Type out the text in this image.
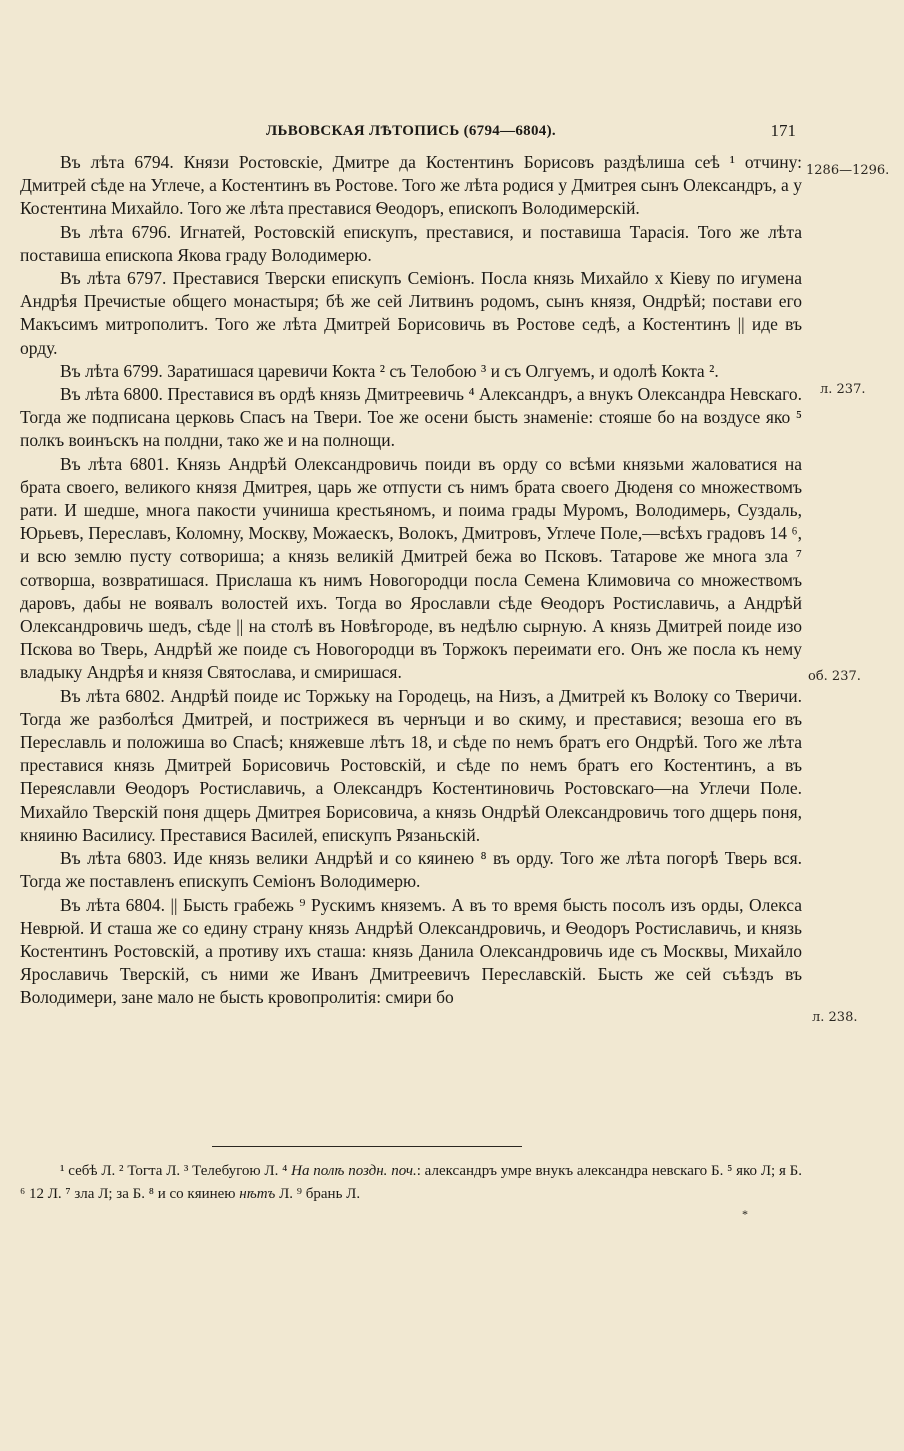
ЛЬВОВСКАЯ ЛѢТОПИСЬ (6794—6804).	171

Въ лѣта 6794. Князи Ростовскіе, Дмитре да Костентинъ Борисовъ раздѣлиша сеѣ ¹ отчину: Дмитрей сѣде на Углече, а Костентинъ въ Ростове. Того же лѣта родися у Дмитрея сынъ Олександръ, а у Костентина Михайло. Того же лѣта преставися Ѳеодоръ, епископъ Володимерскій.

Въ лѣта 6796. Игнатей, Ростовскій епискупъ, преставися, и поставиша Тарасія. Того же лѣта поставиша епископа Якова граду Володимерю.

Въ лѣта 6797. Преставися Тверски епискупъ Семіонъ. Посла князь Михайло х Кіеву по игумена Андрѣя Пречистые общего монастыря; бѣ же сей Литвинъ родомъ, сынъ князя, Ондрѣй; постави его Макъсимъ митрополитъ. Того же лѣта Дмитрей Борисовичь въ Ростове седѣ, а Костентинъ || иде въ орду.

Въ лѣта 6799. Заратишася царевичи Кокта ² съ Телобою ³ и съ Олгуемъ, и одолѣ Кокта ².

Въ лѣта 6800. Преставися въ ордѣ князь Дмитреевичь ⁴ Александръ, а внукъ Олександра Невскаго. Тогда же подписана церковь Спасъ на Твери. Тое же осени бысть знаменіе: стояше бо на воздусе яко ⁵ полкъ воинъскъ на полдни, тако же и на полнощи.

Въ лѣта 6801. Князь Андрѣй Олександровичь поиди въ орду со всѣми князьми жаловатися на брата своего, великого князя Дмитрея, царь же отпусти съ нимъ брата своего Дюденя со множествомъ рати. И шедше, многа пакости учиниша крестьяномъ, и поима грады Муромъ, Володимерь, Суздаль, Юрьевъ, Переславъ, Коломну, Москву, Можаескъ, Волокъ, Дмитровъ, Углече Поле,—всѣхъ градовъ 14 ⁶, и всю землю пусту сотвориша; а князь великій Дмитрей бежа во Псковъ. Татарове же многа зла ⁷ сотворша, возвратишася. Прислаша къ нимъ Новогородци посла Семена Климовича со множествомъ даровъ, дабы не воявалъ волостей ихъ. Тогда во Ярославли сѣде Ѳеодоръ Ростиславичь, а Андрѣй Олександровичь шедъ, сѣде || на столѣ въ Новѣгороде, въ недѣлю сырную. А князь Дмитрей поиде изо Пскова во Тверь, Андрѣй же поиде съ Новогородци въ Торжокъ переимати его. Онъ же посла къ нему владыку Андрѣя и князя Святослава, и смиришася.

Въ лѣта 6802. Андрѣй поиде ис Торжьку на Городець, на Низъ, а Дмитрей къ Волоку со Тверичи. Тогда же разболѣся Дмитрей, и пострижеся въ чернъци и во скиму, и преставися; везоша его въ Переславль и положиша во Спасѣ; княжевше лѣтъ 18, и сѣде по немъ братъ его Ондрѣй. Того же лѣта преставися князь Дмитрей Борисовичь Ростовскій, и сѣде по немъ братъ его Костентинъ, а въ Переяславли Ѳеодоръ Ростиславичь, а Олександръ Костентиновичь Ростовскаго—на Углечи Поле. Михайло Тверскій поня дщерь Дмитрея Борисовича, а князь Ондрѣй Олександровичь того дщерь поня, княиню Василису. Преставися Василей, епискупъ Рязаньскій.

Въ лѣта 6803. Иде князь велики Андрѣй и со кяинею ⁸ въ орду. Того же лѣта погорѣ Тверь вся. Тогда же поставленъ епискупъ Семіонъ Володимерю.

Въ лѣта 6804. || Бысть грабежь ⁹ Рускимъ княземъ. А въ то время бысть посолъ изъ орды, Олекса Неврюй. И сташа же со едину страну князь Андрѣй Олександровичь, и Ѳеодоръ Ростиславичь, и князь Костентинъ Ростовскій, а противу ихъ сташа: князь Данила Олександровичь иде съ Москвы, Михайло Ярославичь Тверскій, съ ними же Иванъ Дмитреевичъ Переславскій. Бысть же сей съѣздъ въ Володимери, зане мало не бысть кровопролитія: смири бо

1286—1296.
л. 237.
об. 237.
л. 238.

¹ себѣ Л. ² Тогта Л. ³ Телебугою Л. ⁴ На полѣ поздн. поч.: александръ умре внукъ александра невскаго Б. ⁵ яко Л; я Б. ⁶ 12 Л. ⁷ зла Л; за Б. ⁸ и со кяинею нѣтъ Л. ⁹ брань Л.

*
